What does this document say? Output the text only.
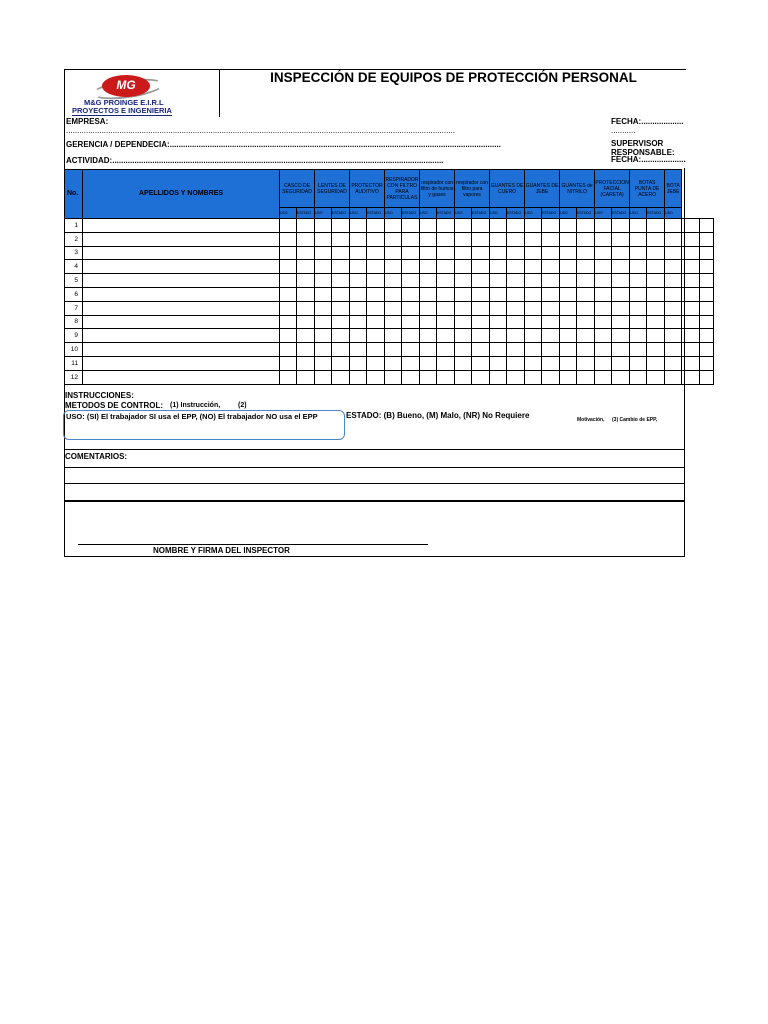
MG
M&G PROINGE E.I.R.L
PROYECTOS E INGENIERIA
INSPECCIÓN DE EQUIPOS DE PROTECCIÓN PERSONAL
EMPRESA:
...............................................................................................................................................................................
FECHA:...................
...........
GERENCIA / DEPENDECIA:.....................................................................................................................................................	SUPERVISOR
RESPONSABLE:
ACTIVIDAD:.....................................................................................................................................................	FECHA:....................
No.	APELLIDOS Y NOMBRES	CASCO DE SEGURIDAD		LENTES DE SEGURIDAD		PROTECTOR AUDITIVO		RESPIRADOR CON FILTRO PARA PARTICULAS		respirador con filtro de humos y gases		respirador con filtro para vapores		GUANTES DE CUERO		GUANTES DE JEBE		GUANTES de NITRILO		PROTECCION FACIAL (CARETA)		BOTAS PUNTA DE ACERO		BOTA JEBE		
		USO	ESTADO	USO	ESTADO	USO	ESTADO	USO	ESTADO	USO	ESTADO	USO	ESTADO	USO	ESTADO	USO	ESTADO	USO	ESTADO	USO	ESTADO	USO	ESTADO	USO		
1																										
2																										
3																										
4																										
5																										
6																										
7																										
8																										
9																										
10																										
11																										
12																										
INSTRUCCIONES:
METODOS DE CONTROL: (1) Instrucción,	(2)
USO: (SI) El trabajador SI usa el EPP, (NO) El trabajador NO usa el EPP	ESTADO: (B) Bueno, (M) Malo, (NR) No Requiere	Motivación, (3) Cambio de EPP,
COMENTARIOS:
NOMBRE Y FIRMA DEL INSPECTOR
